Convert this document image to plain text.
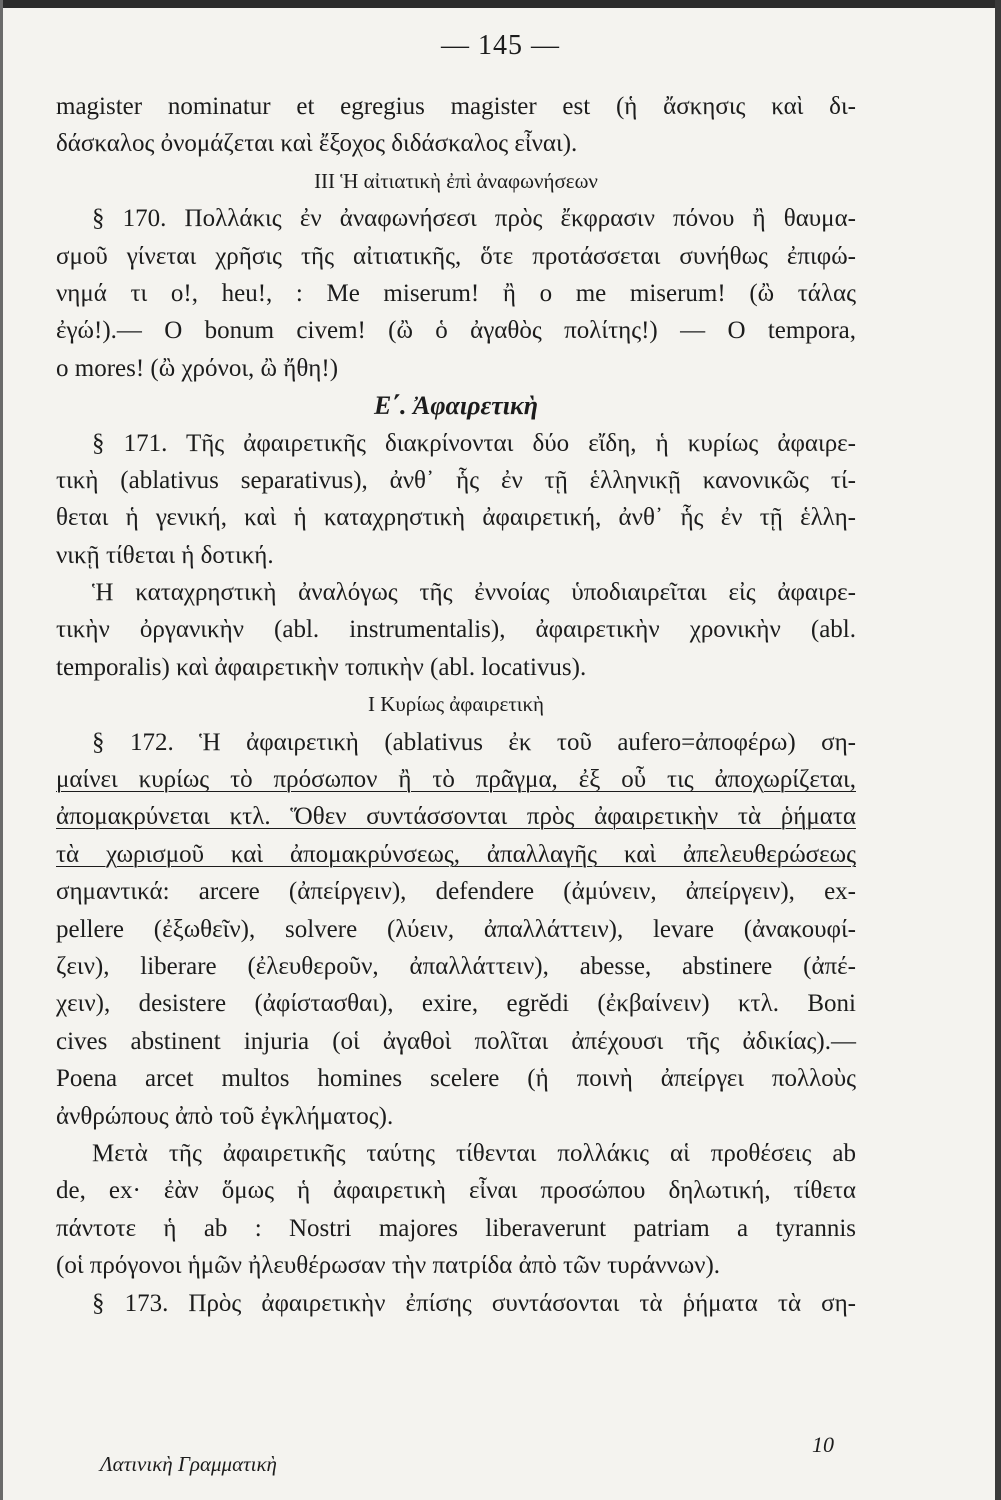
— 145 —
magister nominatur et egregius magister est (ἡ ἄσκησις καὶ δι-
δάσκαλος ὀνομάζεται καὶ ἔξοχος διδάσκαλος εἶναι).
III Ἡ αἰτιατικὴ ἐπὶ ἀναφωνήσεων
§ 170. Πολλάκις ἐν ἀναφωνήσεσι πρὸς ἔκφρασιν πόνου ἢ θαυμα-
σμοῦ γίνεται χρῆσις τῆς αἰτιατικῆς, ὅτε προτάσσεται συνήθως ἐπιφώ-
νημά τι o!, heu!, : Me miserum! ἢ o me miserum! (ὢ τάλας
ἐγώ!).— O bonum civem! (ὢ ὁ ἀγαθὸς πολίτης!) — O tempora,
o mores! (ὢ χρόνοι, ὢ ἤθη!)
Ε΄. Ἀφαιρετικὴ
§ 171. Τῆς ἀφαιρετικῆς διακρίνονται δύο εἴδη, ἡ κυρίως ἀφαιρε-
τικὴ (ablativus separativus), ἀνθ᾽ ἧς ἐν τῇ ἑλληνικῇ κανονικῶς τί-
θεται ἡ γενική, καὶ ἡ καταχρηστικὴ ἀφαιρετική, ἀνθ᾽ ἧς ἐν τῇ ἑλλη-
νικῇ τίθεται ἡ δοτική.
Ἡ καταχρηστικὴ ἀναλόγως τῆς ἐννοίας ὑποδιαιρεῖται εἰς ἀφαιρε-
τικὴν ὀργανικὴν (abl. instrumentalis), ἀφαιρετικὴν χρονικὴν (abl.
temporalis) καὶ ἀφαιρετικὴν τοπικὴν (abl. locativus).
I Κυρίως ἀφαιρετικὴ
§ 172. Ἡ ἀφαιρετικὴ (ablativus ἐκ τοῦ aufero=ἀποφέρω) ση-
μαίνει κυρίως τὸ πρόσωπον ἢ τὸ πρᾶγμα, ἐξ οὗ τις ἀποχωρίζεται,
ἀπομακρύνεται κτλ. Ὅθεν συντάσσονται πρὸς ἀφαιρετικὴν τὰ ῥήματα
τὰ χωρισμοῦ καὶ ἀπομακρύνσεως, ἀπαλλαγῆς καὶ ἀπελευθερώσεως
σημαντικά: arcere (ἀπείργειν), defendere (ἀμύνειν, ἀπείργειν), ex-
pellere (ἐξωθεῖν), solvere (λύειν, ἀπαλλάττειν), levare (ἀνακουφί-
ζειν), liberare (ἐλευθεροῦν, ἀπαλλάττειν), abesse, abstinere (ἀπέ-
χειν), desistere (ἀφίστασθαι), exire, egrĕdi (ἐκβαίνειν) κτλ. Boni
cives abstinent injuria (οἱ ἀγαθοὶ πολῖται ἀπέχουσι τῆς ἀδικίας).—
Poena arcet multos homines scelere (ἡ ποινὴ ἀπείργει πολλοὺς
ἀνθρώπους ἀπὸ τοῦ ἐγκλήματος).
Μετὰ τῆς ἀφαιρετικῆς ταύτης τίθενται πολλάκις αἱ προθέσεις ab
de, ex· ἐὰν ὅμως ἡ ἀφαιρετικὴ εἶναι προσώπου δηλωτική, τίθετα
πάντοτε ἡ ab : Nostri majores liberaverunt patriam a tyrannis
(οἱ πρόγονοι ἡμῶν ἠλευθέρωσαν τὴν πατρίδα ἀπὸ τῶν τυράννων).
§ 173. Πρὸς ἀφαιρετικὴν ἐπίσης συντάσονται τὰ ῥήματα τὰ ση-
10
Λατινικὴ Γραμματικὴ
